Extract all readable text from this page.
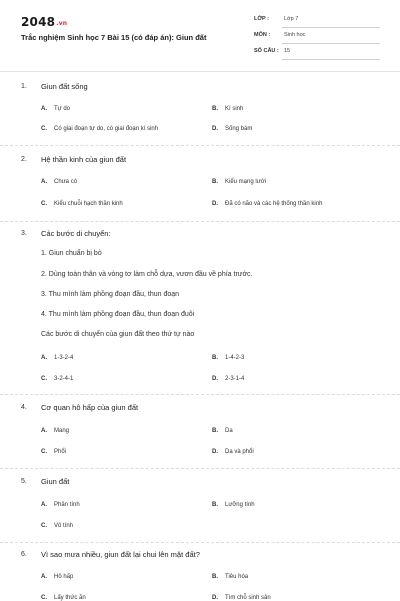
2048.vn
Trắc nghiệm Sinh học 7 Bài 15 (có đáp án): Giun đất
LỚP :	Lớp 7
MÔN :	Sinh học
SỐ CÂU : 15
1. Giun đất sống
A. Tự do	B. Kí sinh
C. Có giai đoạn tự do, có giai đoạn kí sinh	D. Sống bám
2. Hệ thần kinh của giun đất
A. Chưa có	B. Kiểu mạng lưới
C. Kiểu chuỗi hạch thần kinh	D. Đã có não và các hệ thống thần kinh
3. Các bước di chuyển:
1. Giun chuẩn bị bò
2. Dùng toàn thân và vòng tơ làm chỗ dựa, vươn đầu về phía trước.
3. Thu mình làm phồng đoạn đầu, thun đoạn
4. Thu mình làm phồng đoạn đầu, thun đoạn đuôi
Các bước di chuyển của giun đất theo thứ tự nào
A. 1-3-2-4	B. 1-4-2-3
C. 3-2-4-1	D. 2-3-1-4
4. Cơ quan hô hấp của giun đất
A. Mang	B. Da
C. Phổi	D. Da và phổi
5. Giun đất
A. Phân tính	B. Lưỡng tính
C. Vô tính
6. Vì sao mưa nhiều, giun đất lại chui lên mặt đất?
A. Hô hấp	B. Tiêu hóa
C. Lấy thức ăn	D. Tìm chỗ sinh sản
